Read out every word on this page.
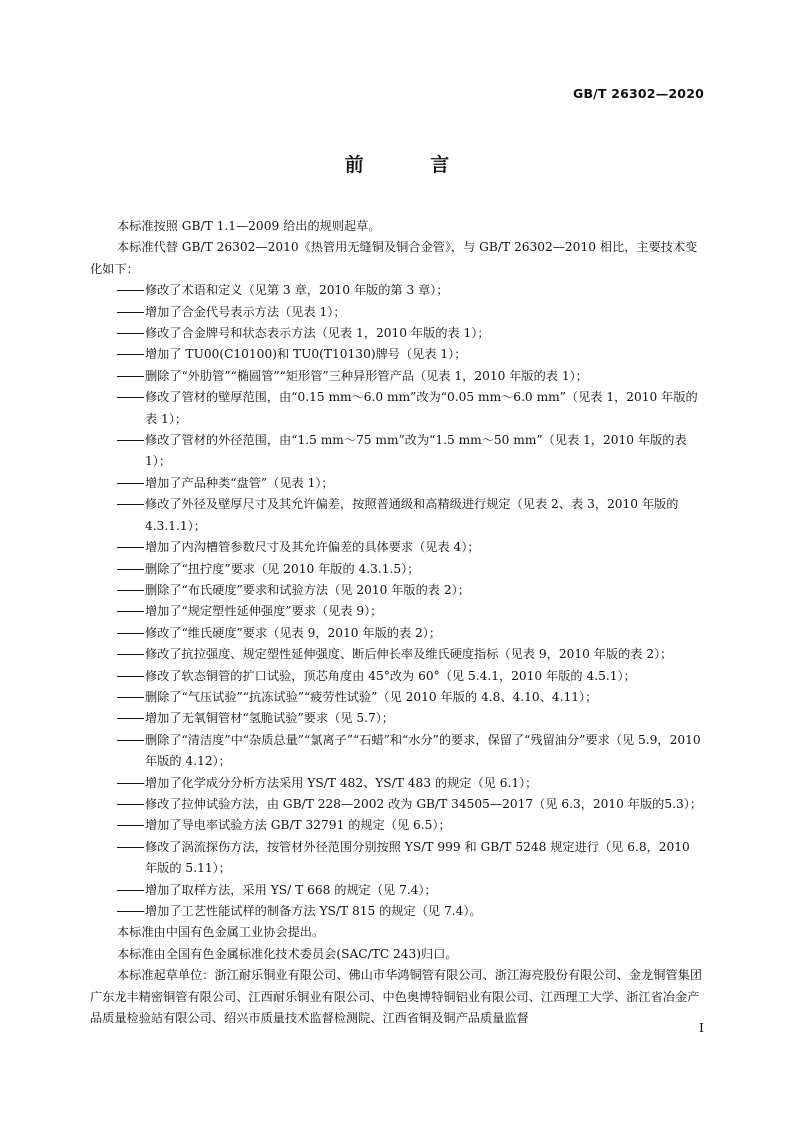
GB/T 26302—2020
前 言

本标准按照 GB/T 1.1—2009 给出的规则起草。

本标准代替 GB/T 26302—2010《热管用无缝铜及铜合金管》，与 GB/T 26302—2010 相比，主要技术变化如下：

修改了术语和定义（见第 3 章，2010 年版的第 3 章）；

增加了合金代号表示方法（见表 1）；

修改了合金牌号和状态表示方法（见表 1，2010 年版的表 1）；

增加了 TU00(C10100)和 TU0(T10130)牌号（见表 1）；

删除了“外肋管”“椭圆管”“矩形管”三种异形管产品（见表 1，2010 年版的表 1）；

修改了管材的壁厚范围，由“0.15 mm～6.0 mm”改为“0.05 mm～6.0 mm”（见表 1，2010 年版的表 1）；

修改了管材的外径范围，由“1.5 mm～75 mm”改为“1.5 mm～50 mm”（见表 1，2010 年版的表 1）；

增加了产品种类“盘管”（见表 1）；

修改了外径及壁厚尺寸及其允许偏差，按照普通级和高精级进行规定（见表 2、表 3，2010 年版的 4.3.1.1）；

增加了内沟槽管参数尺寸及其允许偏差的具体要求（见表 4）；

删除了“扭拧度”要求（见 2010 年版的 4.3.1.5）；

删除了“布氏硬度”要求和试验方法（见 2010 年版的表 2）；

增加了“规定塑性延伸强度”要求（见表 9）；

修改了“维氏硬度”要求（见表 9，2010 年版的表 2）；

修改了抗拉强度、规定塑性延伸强度、断后伸长率及维氏硬度指标（见表 9，2010 年版的表 2）；

修改了软态铜管的扩口试验，顶芯角度由 45°改为 60°（见 5.4.1，2010 年版的 4.5.1）；

删除了“气压试验”“抗冻试验”“疲劳性试验”（见 2010 年版的 4.8、4.10、4.11）；

增加了无氧铜管材“氢脆试验”要求（见 5.7）；

删除了“清洁度”中“杂质总量”“氯离子”“石蜡”和“水分”的要求，保留了“残留油分”要求（见 5.9，2010 年版的 4.12）；

增加了化学成分分析方法采用 YS/T 482、YS/T 483 的规定（见 6.1）；

修改了拉伸试验方法，由 GB/T 228—2002 改为 GB/T 34505—2017（见 6.3，2010 年版的5.3）；

增加了导电率试验方法 GB/T 32791 的规定（见 6.5）；

修改了涡流探伤方法，按管材外径范围分别按照 YS/T 999 和 GB/T 5248 规定进行（见 6.8，2010 年版的 5.11）；

增加了取样方法，采用 YS/ T 668 的规定（见 7.4）；

增加了工艺性能试样的制备方法 YS/T 815 的规定（见 7.4）。

本标准由中国有色金属工业协会提出。

本标准由全国有色金属标准化技术委员会(SAC/TC 243)归口。

本标准起草单位：浙江耐乐铜业有限公司、佛山市华鸿铜管有限公司、浙江海亮股份有限公司、金龙铜管集团广东龙丰精密铜管有限公司、江西耐乐铜业有限公司、中色奥博特铜铝业有限公司、江西理工大学、浙江省冶金产品质量检验站有限公司、绍兴市质量技术监督检测院、江西省铜及铜产品质量监督

I
